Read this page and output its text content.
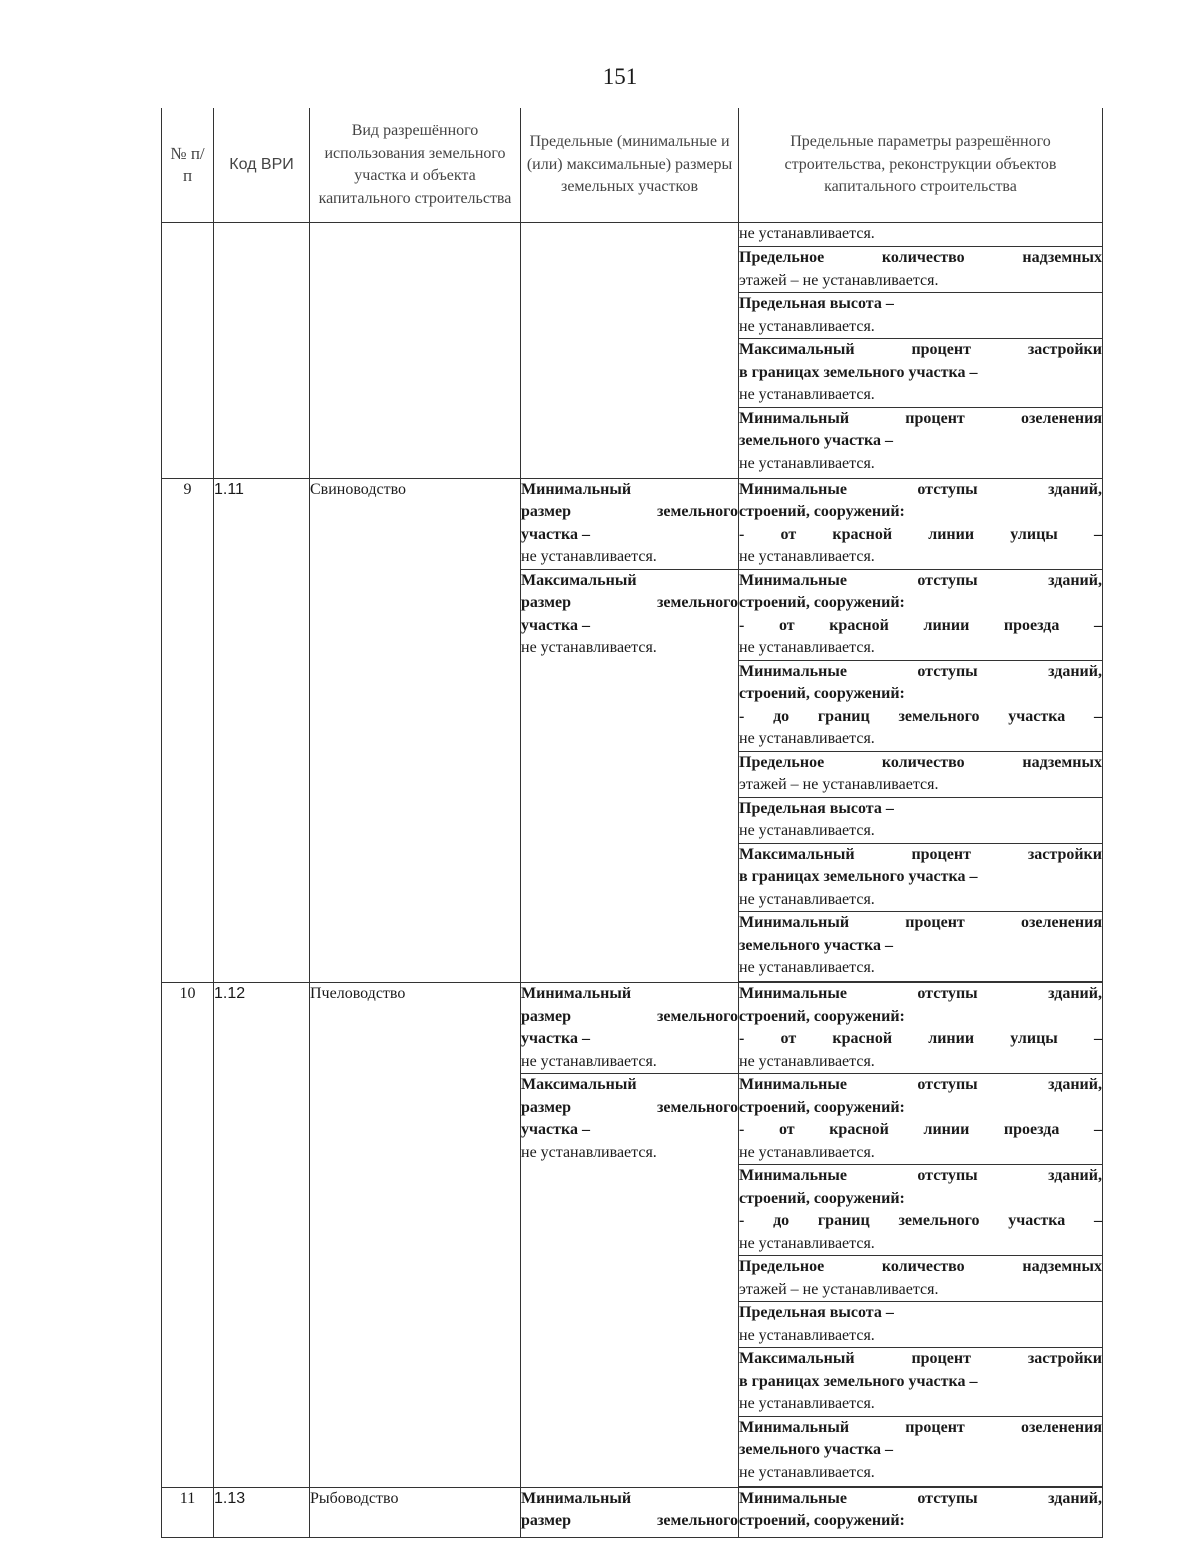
151
№ п/п	Код ВРИ	Вид разрешённого использования земельного участка и объекта капитального строительства	Предельные (минимальные и (или) максимальные) размеры земельных участков	Предельные параметры разрешённого строительства, реконструкции объектов капитального строительства

				не устанавливается.

				Предельное количество надземных
этажей – не устанавливается.

				Предельная высота –
не устанавливается.

				Максимальный процент застройки
в границах земельного участка –
не устанавливается.

				Минимальный процент озеленения
земельного участка –
не устанавливается.

9	1.11	Свиноводство	Минимальный
размер земельного
участка –
не устанавливается.	Минимальные отступы зданий,
строений, сооружений:
- от красной линии улицы –
не устанавливается.

			Максимальный
размер земельного
участка –
не устанавливается.	Минимальные отступы зданий,
строений, сооружений:
- от красной линии проезда –
не устанавливается.

				Минимальные отступы зданий,
строений, сооружений:
- до границ земельного участка –
не устанавливается.

				Предельное количество надземных
этажей – не устанавливается.

				Предельная высота –
не устанавливается.

				Максимальный процент застройки
в границах земельного участка –
не устанавливается.

				Минимальный процент озеленения
земельного участка –
не устанавливается.

10	1.12	Пчеловодство	Минимальный
размер земельного
участка –
не устанавливается.	Минимальные отступы зданий,
строений, сооружений:
- от красной линии улицы –
не устанавливается.

			Максимальный
размер земельного
участка –
не устанавливается.	Минимальные отступы зданий,
строений, сооружений:
- от красной линии проезда –
не устанавливается.

				Минимальные отступы зданий,
строений, сооружений:
- до границ земельного участка –
не устанавливается.

				Предельное количество надземных
этажей – не устанавливается.

				Предельная высота –
не устанавливается.

				Максимальный процент застройки
в границах земельного участка –
не устанавливается.

				Минимальный процент озеленения
земельного участка –
не устанавливается.

11	1.13	Рыбоводство	Минимальный
размер земельного	Минимальные отступы зданий,
строений, сооружений:
